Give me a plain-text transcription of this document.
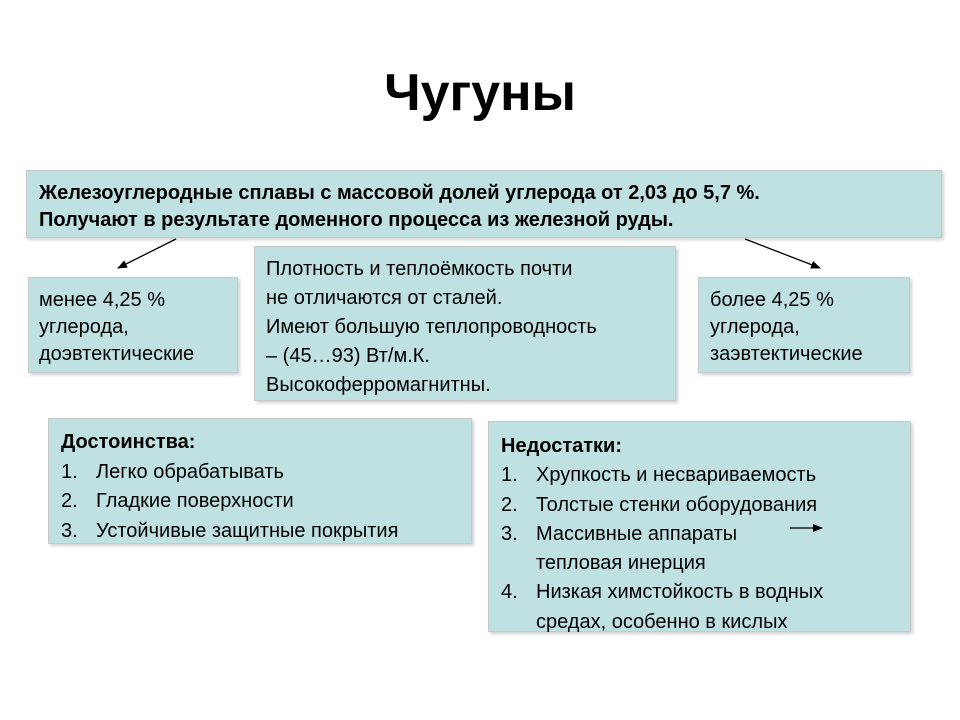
Чугуны
Железоуглеродные сплавы с массовой долей углерода от 2,03 до 5,7 %.
Получают в результате доменного процесса из железной руды.
менее 4,25 %
углерода,
доэвтектические
Плотность и теплоёмкость почти
не отличаются от сталей.
Имеют большую теплопроводность
– (45…93) Вт/м.К.
Высокоферромагнитны.
более 4,25 %
углерода,
заэвтектические
Достоинства:
1. Легко обрабатывать
2. Гладкие поверхности
3. Устойчивые защитные покрытия
Недостатки:
1. Хрупкость и несвариваемость
2. Толстые стенки оборудования
3. Массивные аппараты
тепловая инерция
4. Низкая химстойкость в водных
средах, особенно в кислых
